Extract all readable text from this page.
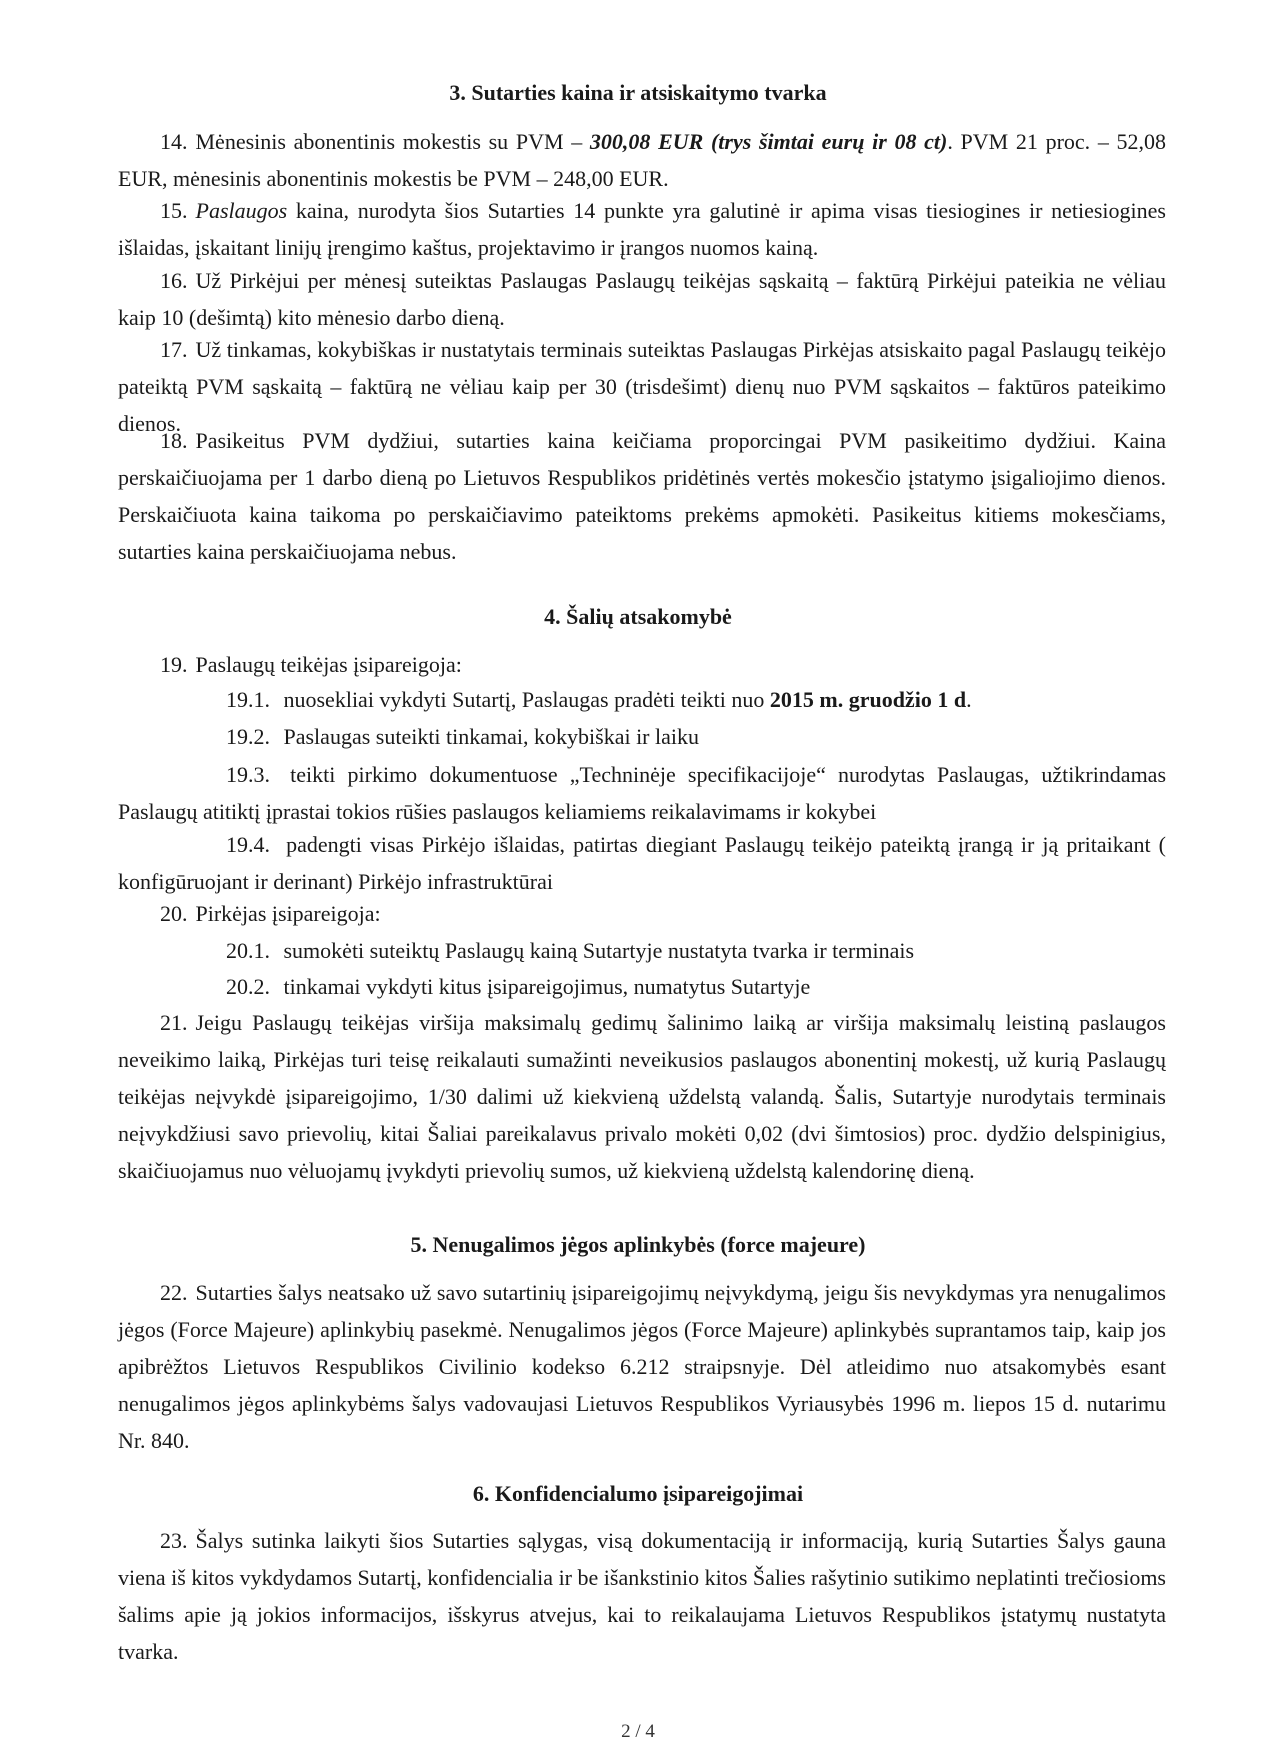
3. Sutarties kaina ir atsiskaitymo tvarka
14. Mėnesinis abonentinis mokestis su PVM – 300,08 EUR (trys šimtai eurų ir 08 ct). PVM 21 proc. – 52,08 EUR, mėnesinis abonentinis mokestis be PVM – 248,00 EUR.
15. Paslaugos kaina, nurodyta šios Sutarties 14 punkte yra galutinė ir apima visas tiesiogines ir netiesiogines išlaidas, įskaitant linijų įrengimo kaštus, projektavimo ir įrangos nuomos kainą.
16. Už Pirkėjui per mėnesį suteiktas Paslaugas Paslaugų teikėjas sąskaitą – faktūrą Pirkėjui pateikia ne vėliau kaip 10 (dešimtą) kito mėnesio darbo dieną.
17. Už tinkamas, kokybiškas ir nustatytais terminais suteiktas Paslaugas Pirkėjas atsiskaito pagal Paslaugų teikėjo pateiktą PVM sąskaitą – faktūrą ne vėliau kaip per 30 (trisdešimt) dienų nuo PVM sąskaitos – faktūros pateikimo dienos.
18. Pasikeitus PVM dydžiui, sutarties kaina keičiama proporcingai PVM pasikeitimo dydžiui. Kaina perskaičiuojama per 1 darbo dieną po Lietuvos Respublikos pridėtinės vertės mokesčio įstatymo įsigaliojimo dienos. Perskaičiuota kaina taikoma po perskaičiavimo pateiktoms prekėms apmokėti. Pasikeitus kitiems mokesčiams, sutarties kaina perskaičiuojama nebus.
4. Šalių atsakomybė
19. Paslaugų teikėjas įsipareigoja:
19.1. nuosekliai vykdyti Sutartį, Paslaugas pradėti teikti nuo 2015 m. gruodžio 1 d.
19.2. Paslaugas suteikti tinkamai, kokybiškai ir laiku
19.3. teikti pirkimo dokumentuose „Techninėje specifikacijoje“ nurodytas Paslaugas, užtikrindamas Paslaugų atitiktį įprastai tokios rūšies paslaugos keliamiems reikalavimams ir kokybei
19.4. padengti visas Pirkėjo išlaidas, patirtas diegiant Paslaugų teikėjo pateiktą įrangą ir ją pritaikant ( konfigūruojant ir derinant) Pirkėjo infrastruktūrai
20. Pirkėjas įsipareigoja:
20.1. sumokėti suteiktų Paslaugų kainą Sutartyje nustatyta tvarka ir terminais
20.2. tinkamai vykdyti kitus įsipareigojimus, numatytus Sutartyje
21. Jeigu Paslaugų teikėjas viršija maksimalų gedimų šalinimo laiką ar viršija maksimalų leistiną paslaugos neveikimo laiką, Pirkėjas turi teisę reikalauti sumažinti neveikusios paslaugos abonentinį mokestį, už kurią Paslaugų teikėjas neįvykdė įsipareigojimo, 1/30 dalimi už kiekvieną uždelstą valandą. Šalis, Sutartyje nurodytais terminais neįvykdžiusi savo prievolių, kitai Šaliai pareikalavus privalo mokėti 0,02 (dvi šimtosios) proc. dydžio delspinigius, skaičiuojamus nuo vėluojamų įvykdyti prievolių sumos, už kiekvieną uždelstą kalendorinę dieną.
5. Nenugalimos jėgos aplinkybės (force majeure)
22. Sutarties šalys neatsako už savo sutartinių įsipareigojimų neįvykdymą, jeigu šis nevykdymas yra nenugalimos jėgos (Force Majeure) aplinkybių pasekmė. Nenugalimos jėgos (Force Majeure) aplinkybės suprantamos taip, kaip jos apibrėžtos Lietuvos Respublikos Civilinio kodekso 6.212 straipsnyje. Dėl atleidimo nuo atsakomybės esant nenugalimos jėgos aplinkybėms šalys vadovaujasi Lietuvos Respublikos Vyriausybės 1996 m. liepos 15 d. nutarimu Nr. 840.
6. Konfidencialumo įsipareigojimai
23. Šalys sutinka laikyti šios Sutarties sąlygas, visą dokumentaciją ir informaciją, kurią Sutarties Šalys gauna viena iš kitos vykdydamos Sutartį, konfidencialia ir be išankstinio kitos Šalies rašytinio sutikimo neplatinti trečiosioms šalims apie ją jokios informacijos, išskyrus atvejus, kai to reikalaujama Lietuvos Respublikos įstatymų nustatyta tvarka.
2 / 4
